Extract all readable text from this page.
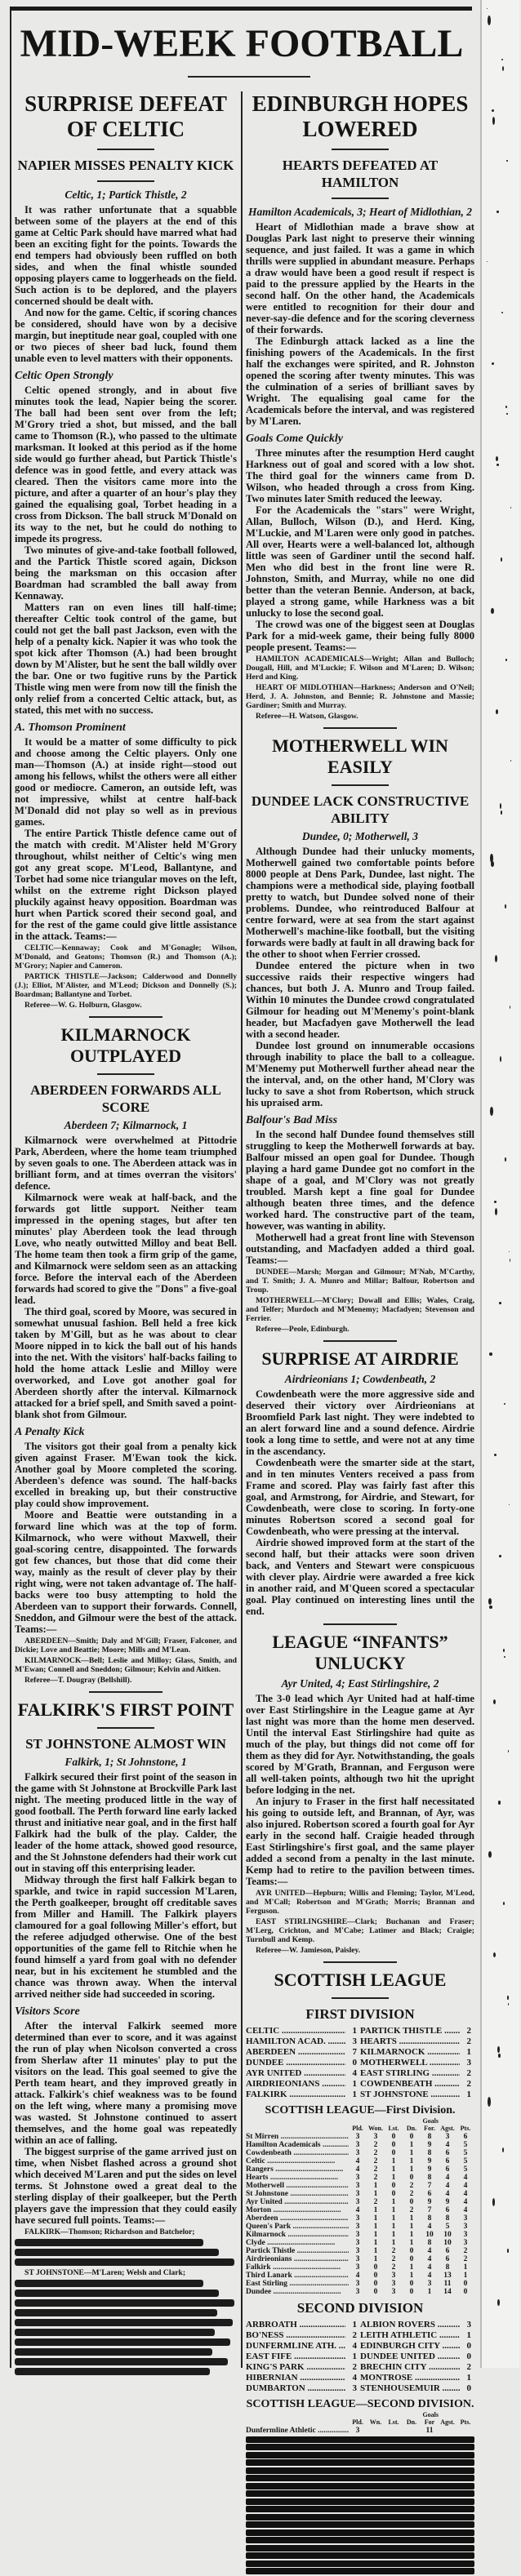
MID-WEEK FOOTBALL
SURPRISE DEFEAT OF CELTIC
NAPIER MISSES PENALTY KICK
Celtic, 1; Partick Thistle, 2

It was rather unfortunate that a squabble between some of the players at the end of this game at Celtic Park should have marred what had been an exciting fight for the points. Towards the end tempers had obviously been ruffled on both sides, and when the final whistle sounded opposing players came to loggerheads on the field. Such action is to be deplored, and the players concerned should be dealt with.

And now for the game. Celtic, if scoring chances be considered, should have won by a decisive margin, but ineptitude near goal, coupled with one or two pieces of sheer bad luck, found them unable even to level matters with their opponents.

Celtic Open Strongly

Celtic opened strongly, and in about five minutes took the lead, Napier being the scorer. The ball had been sent over from the left; M'Grory tried a shot, but missed, and the ball came to Thomson (R.), who passed to the ultimate marksman. It looked at this period as if the home side would go further ahead, but Partick Thistle's defence was in good fettle, and every attack was cleared. Then the visitors came more into the picture, and after a quarter of an hour's play they gained the equalising goal, Torbet heading in a cross from Dickson. The ball struck M'Donald on its way to the net, but he could do nothing to impede its progress.

Two minutes of give-and-take football followed, and the Partick Thistle scored again, Dickson being the marksman on this occasion after Boardman had scrambled the ball away from Kennaway.

Matters ran on even lines till half-time; thereafter Celtic took control of the game, but could not get the ball past Jackson, even with the help of a penalty kick. Napier it was who took the spot kick after Thomson (A.) had been brought down by M'Alister, but he sent the ball wildly over the bar. One or two fugitive runs by the Partick Thistle wing men were from now till the finish the only relief from a concerted Celtic attack, but, as stated, this met with no success.

A. Thomson Prominent

It would be a matter of some difficulty to pick and choose among the Celtic players. Only one man—Thomson (A.) at inside right—stood out among his fellows, whilst the others were all either good or mediocre. Cameron, an outside left, was not impressive, whilst at centre half-back M'Donald did not play so well as in previous games.

The entire Partick Thistle defence came out of the match with credit. M'Alister held M'Grory throughout, whilst neither of Celtic's wing men got any great scope. M'Leod, Ballantyne, and Torbet had some nice triangular moves on the left, whilst on the extreme right Dickson played pluckily against heavy opposition. Boardman was hurt when Partick scored their second goal, and for the rest of the game could give little assistance in the attack. Teams:—

CELTIC—Kennaway; Cook and M'Gonagle; Wilson, M'Donald, and Geatons; Thomson (R.) and Thomson (A.); M'Grory; Napier and Cameron.
PARTICK THISTLE—Jackson; Calderwood and Donnelly (J.); Elliot, M'Alister, and M'Leod; Dickson and Donnelly (S.); Boardman; Ballantyne and Torbet.
Referee—W. G. Holburn, Glasgow.
KILMARNOCK OUTPLAYED
ABERDEEN FORWARDS ALL SCORE
Aberdeen 7; Kilmarnock, 1

Kilmarnock were overwhelmed at Pittodrie Park, Aberdeen, where the home team triumphed by seven goals to one. The Aberdeen attack was in brilliant form, and at times overran the visitors' defence.

Kilmarnock were weak at half-back, and the forwards got little support. Neither team impressed in the opening stages, but after ten minutes' play Aberdeen took the lead through Love, who neatly outwitted Milloy and beat Bell. The home team then took a firm grip of the game, and Kilmarnock were seldom seen as an attacking force. Before the interval each of the Aberdeen forwards had scored to give the "Dons" a five-goal lead.

The third goal, scored by Moore, was secured in somewhat unusual fashion. Bell held a free kick taken by M'Gill, but as he was about to clear Moore nipped in to kick the ball out of his hands into the net. With the visitors' half-backs failing to hold the home attack Leslie and Milloy were overworked, and Love got another goal for Aberdeen shortly after the interval. Kilmarnock attacked for a brief spell, and Smith saved a point-blank shot from Gilmour.

A Penalty Kick

The visitors got their goal from a penalty kick given against Fraser. M'Ewan took the kick. Another goal by Moore completed the scoring. Aberdeen's defence was sound. The half-backs excelled in breaking up, but their constructive play could show improvement.

Moore and Beattie were outstanding in a forward line which was at the top of form. Kilmarnock, who were without Maxwell, their goal-scoring centre, disappointed. The forwards got few chances, but those that did come their way, mainly as the result of clever play by their right wing, were not taken advantage of. The half-backs were too busy attempting to hold the Aberdeen van to support their forwards. Connell, Sneddon, and Gilmour were the best of the attack. Teams:—

ABERDEEN—Smith; Daly and M'Gill; Fraser, Falconer, and Dickie; Love and Beattie; Moore; Mills and M'Lean.
KILMARNOCK—Bell; Leslie and Milloy; Glass, Smith, and M'Ewan; Connell and Sneddon; Gilmour; Kelvin and Aitken.
Referee—T. Dougray (Bellshill).
FALKIRK'S FIRST POINT
ST JOHNSTONE ALMOST WIN
Falkirk, 1; St Johnstone, 1

Falkirk secured their first point of the season in the game with St Johnstone at Brockville Park last night. The meeting produced little in the way of good football. The Perth forward line early lacked thrust and initiative near goal, and in the first half Falkirk had the bulk of the play. Calder, the leader of the home attack, showed good resource, and the St Johnstone defenders had their work cut out in staving off this enterprising leader.

Midway through the first half Falkirk began to sparkle, and twice in rapid succession M'Laren, the Perth goalkeeper, brought off creditable saves from Miller and Hamill. The Falkirk players clamoured for a goal following Miller's effort, but the referee adjudged otherwise. One of the best opportunities of the game fell to Ritchie when he found himself a yard from goal with no defender near, but in his excitement he stumbled and the chance was thrown away. When the interval arrived neither side had succeeded in scoring.

Visitors Score

After the interval Falkirk seemed more determined than ever to score, and it was against the run of play when Nicolson converted a cross from Sherlaw after 11 minutes' play to put the visitors on the lead. This goal seemed to give the Perth team heart, and they improved greatly in attack. Falkirk's chief weakness was to be found on the left wing, where many a promising move was wasted. St Johnstone continued to assert themselves, and the home goal was repeatedly within an ace of falling.

The biggest surprise of the game arrived just on time, when Nisbet flashed across a ground shot which deceived M'Laren and put the sides on level terms. St Johnstone owed a great deal to the sterling display of their goalkeeper, but the Perth players gave the impression that they could easily have secured full points. Teams:—

FALKIRK—Thomson; Richardson and Batchelor;
ST JOHNSTONE—M'Laren; Welsh and Clark;
EDINBURGH HOPES LOWERED
HEARTS DEFEATED AT HAMILTON
Hamilton Academicals, 3; Heart of Midlothian, 2

Heart of Midlothian made a brave show at Douglas Park last night to preserve their winning sequence, and just failed. It was a game in which thrills were supplied in abundant measure. Perhaps a draw would have been a good result if respect is paid to the pressure applied by the Hearts in the second half. On the other hand, the Academicals were entitled to recognition for their dour and never-say-die defence and for the scoring cleverness of their forwards.

The Edinburgh attack lacked as a line the finishing powers of the Academicals. In the first half the exchanges were spirited, and R. Johnston opened the scoring after twenty minutes. This was the culmination of a series of brilliant saves by Wright. The equalising goal came for the Academicals before the interval, and was registered by M'Laren.

Goals Come Quickly

Three minutes after the resumption Herd caught Harkness out of goal and scored with a low shot. The third goal for the winners came from D. Wilson, who headed through a cross from King. Two minutes later Smith reduced the leeway.

For the Academicals the "stars" were Wright, Allan, Bulloch, Wilson (D.), and Herd. King, M'Luckie, and M'Laren were only good in patches. All over, Hearts were a well-balanced lot, although little was seen of Gardiner until the second half. Men who did best in the front line were R. Johnston, Smith, and Murray, while no one did better than the veteran Bennie. Anderson, at back, played a strong game, while Harkness was a bit unlucky to lose the second goal.

The crowd was one of the biggest seen at Douglas Park for a mid-week game, their being fully 8000 people present. Teams:—

HAMILTON ACADEMICALS—Wright; Allan and Bulloch; Dougall, Hill, and M'Luckie; F. Wilson and M'Laren; D. Wilson; Herd and King.
HEART OF MIDLOTHIAN—Harkness; Anderson and O'Neil; Herd, J. A. Johnston, and Bennie; R. Johnstone and Massie; Gardiner; Smith and Murray.
Referee—H. Watson, Glasgow.
MOTHERWELL WIN EASILY
DUNDEE LACK CONSTRUCTIVE ABILITY
Dundee, 0; Motherwell, 3

Although Dundee had their unlucky moments, Motherwell gained two comfortable points before 8000 people at Dens Park, Dundee, last night. The champions were a methodical side, playing football pretty to watch, but Dundee solved none of their problems. Dundee, who reintroduced Balfour at centre forward, were at sea from the start against Motherwell's machine-like football, but the visiting forwards were badly at fault in all drawing back for the other to shoot when Ferrier crossed.

Dundee entered the picture when in two successive raids their respective wingers had chances, but both J. A. Munro and Troup failed. Within 10 minutes the Dundee crowd congratulated Gilmour for heading out M'Menemy's point-blank header, but Macfadyen gave Motherwell the lead with a second header.

Dundee lost ground on innumerable occasions through inability to place the ball to a colleague. M'Menemy put Motherwell further ahead near the the interval, and, on the other hand, M'Clory was lucky to save a shot from Robertson, which struck his upraised arm.

Balfour's Bad Miss

In the second half Dundee found themselves still struggling to keep the Motherwell forwards at bay. Balfour missed an open goal for Dundee. Though playing a hard game Dundee got no comfort in the shape of a goal, and M'Clory was not greatly troubled. Marsh kept a fine goal for Dundee although beaten three times, and the defence worked hard. The constructive part of the team, however, was wanting in ability.

Motherwell had a great front line with Stevenson outstanding, and Macfadyen added a third goal. Teams:—

DUNDEE—Marsh; Morgan and Gilmour; M'Nab, M'Carthy, and T. Smith; J. A. Munro and Millar; Balfour, Robertson and Troup.
MOTHERWELL—M'Clory; Dowall and Ellis; Wales, Craig, and Telfer; Murdoch and M'Menemy; Macfadyen; Stevenson and Ferrier.
Referee—Peole, Edinburgh.
SURPRISE AT AIRDRIE
Airdrieonians 1; Cowdenbeath, 2

Cowdenbeath were the more aggressive side and deserved their victory over Airdrieonians at Broomfield Park last night. They were indebted to an alert forward line and a sound defence. Airdrie took a long time to settle, and were not at any time in the ascendancy.

Cowdenbeath were the smarter side at the start, and in ten minutes Venters received a pass from Frame and scored. Play was fairly fast after this goal, and Armstrong, for Airdrie, and Stewart, for Cowdenbeath, were close to scoring. In forty-one minutes Robertson scored a second goal for Cowdenbeath, who were pressing at the interval.

Airdrie showed improved form at the start of the second half, but their attacks were soon driven back, and Venters and Stewart were conspicuous with clever play. Airdrie were awarded a free kick in another raid, and M'Queen scored a spectacular goal. Play continued on interesting lines until the end.

LEAGUE “INFANTS” UNLUCKY
Ayr United, 4; East Stirlingshire, 2

The 3-0 lead which Ayr United had at half-time over East Stirlingshire in the League game at Ayr last night was more than the home men deserved. Until the interval East Stirlingshire had quite as much of the play, but things did not come off for them as they did for Ayr. Notwithstanding, the goals scored by M'Grath, Brannan, and Ferguson were all well-taken points, although two hit the upright before lodging in the net.

An injury to Fraser in the first half necessitated his going to outside left, and Brannan, of Ayr, was also injured. Robertson scored a fourth goal for Ayr early in the second half. Craigie headed through East Stirlingshire's first goal, and the same player added a second from a penalty in the last minute. Kemp had to retire to the pavilion between times. Teams:—

AYR UNITED—Hepburn; Willis and Fleming; Taylor, M'Leod, and M'Call; Robertson and M'Grath; Morris; Brannan and Ferguson.
EAST STIRLINGSHIRE—Clark; Buchanan and Fraser; M'Lerg, Crichton, and M'Cabe; Latimer and Black; Craigie; Turnbull and Kemp.
Referee—W. Jamieson, Paisley.
SCOTTISH LEAGUE
FIRST DIVISION
CELTIC .....	1 PARTICK THISTLE .....	2
HAMILTON ACAD. .....	3 HEARTS .....	2
ABERDEEN .....	7 KILMARNOCK .....	1
DUNDEE .....	0 MOTHERWELL .....	3
AYR UNITED .....	4 EAST STIRLING .....	2
AIRDRIEONIANS .....	1 COWDENBEATH .....	2
FALKIRK .....	1 ST JOHNSTONE .....	1
SCOTTISH LEAGUE—First Division.
Goals
Pld. Won. Lst.	Dn.	For. Agst. Pts.
St Mirren .....	3	3	0	0	8	3	6
Hamilton Academicals .....	3	2	0	1	9	4	5
Cowdenbeath .....	3	2	0	1	8	6	5
Celtic .....	4	2	1	1	9	6	5
Rangers .....	4	2	1	1	9	6	5
Hearts .....	3	2	1	0	8	4	4
Motherwell .....	3	1	0	2	7	4	4
St Johnstone .....	3	1	0	2	6	4	4
Ayr United .....	3	2	1	0	9	9	4
Morton .....	4	1	1	2	7	6	4
Aberdeen .....	3	1	1	1	8	8	3
Queen's Park .....	3	1	1	1	4	5	3
Kilmarnock .....	3	1	1	1	10	10	3
Clyde .....	3	1	1	1	8	10	3
Partick Thistle .....	3	1	2	0	4	6	2
Airdrieonians .....	3	1	2	0	4	6	2
Falkirk .....	3	0	2	1	4	8	1
Third Lanark .....	4	0	3	1	4	13	1
East Stirling .....	3	0	3	0	3	11	0
Dundee .....	3	0	3	0	1	14	0
SECOND DIVISION
ARBROATH .....	1 ALBION ROVERS .....	3
BO'NESS .....	2 LEITH ATHLETIC .....	1
DUNFERMLINE ATH. .....	4 EDINBURGH CITY .....	0
EAST FIFE .....	1 DUNDEE UNITED .....	0
KING'S PARK .....	2 BRECHIN CITY .....	2
HIBERNIAN .....	4 MONTROSE .....	1
DUMBARTON .....	3 STENHOUSEMUIR .....	0
SCOTTISH LEAGUE—SECOND DIVISION.
Goals
Pld. Wn.	Lst.	Dn.	For Agst. Pts.
Dunfermline Athletic .....	3	11
